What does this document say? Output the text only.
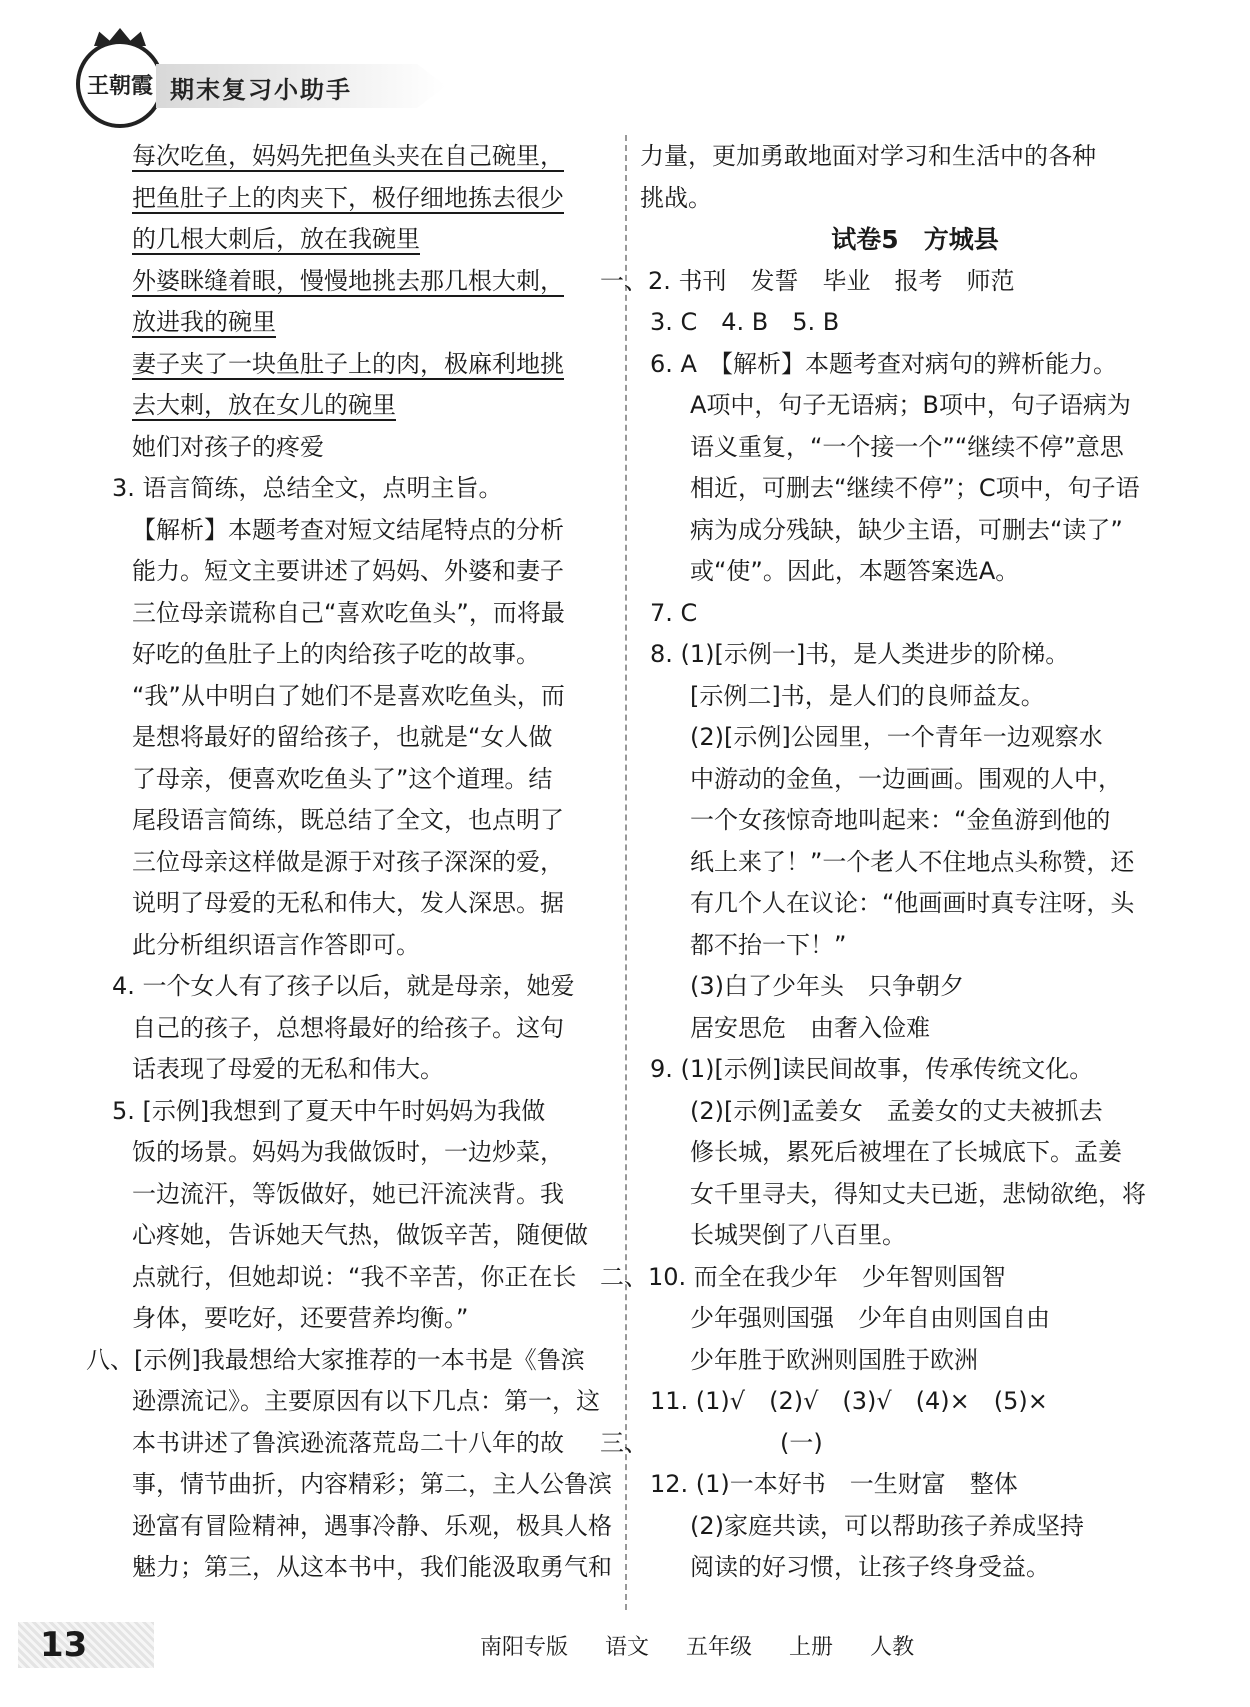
王朝霞 期末复习小助手
每次吃鱼，妈妈先把鱼头夹在自己碗里，
把鱼肚子上的肉夹下，极仔细地拣去很少
的几根大刺后，放在我碗里
外婆眯缝着眼，慢慢地挑去那几根大刺，
放进我的碗里
妻子夹了一块鱼肚子上的肉，极麻利地挑
去大刺，放在女儿的碗里
她们对孩子的疼爱
3. 语言简练，总结全文，点明主旨。
【解析】本题考查对短文结尾特点的分析
能力。短文主要讲述了妈妈、外婆和妻子
三位母亲谎称自己“喜欢吃鱼头”，而将最
好吃的鱼肚子上的肉给孩子吃的故事。
“我”从中明白了她们不是喜欢吃鱼头，而
是想将最好的留给孩子，也就是“女人做
了母亲，便喜欢吃鱼头了”这个道理。结
尾段语言简练，既总结了全文，也点明了
三位母亲这样做是源于对孩子深深的爱，
说明了母爱的无私和伟大，发人深思。据
此分析组织语言作答即可。
4. 一个女人有了孩子以后，就是母亲，她爱
自己的孩子，总想将最好的给孩子。这句
话表现了母爱的无私和伟大。
5. [示例]我想到了夏天中午时妈妈为我做
饭的场景。妈妈为我做饭时，一边炒菜，
一边流汗，等饭做好，她已汗流浃背。我
心疼她，告诉她天气热，做饭辛苦，随便做
点就行，但她却说：“我不辛苦，你正在长
身体，要吃好，还要营养均衡。”
八、[示例]我最想给大家推荐的一本书是《鲁滨
逊漂流记》。主要原因有以下几点：第一，这
本书讲述了鲁滨逊流落荒岛二十八年的故
事，情节曲折，内容精彩；第二，主人公鲁滨
逊富有冒险精神，遇事冷静、乐观，极具人格
魅力；第三，从这本书中，我们能汲取勇气和
力量，更加勇敢地面对学习和生活中的各种
挑战。
试卷5　方城县
一、2. 书刊　发誓　毕业　报考　师范
3. C　4. B　5. B
6. A　【解析】本题考查对病句的辨析能力。
A项中，句子无语病；B项中，句子语病为
语义重复，“一个接一个”“继续不停”意思
相近，可删去“继续不停”；C项中，句子语
病为成分残缺，缺少主语，可删去“读了”
或“使”。因此，本题答案选A。
7. C
8. (1)[示例一]书，是人类进步的阶梯。
[示例二]书，是人们的良师益友。
(2)[示例]公园里，一个青年一边观察水
中游动的金鱼，一边画画。围观的人中，
一个女孩惊奇地叫起来：“金鱼游到他的
纸上来了！”一个老人不住地点头称赞，还
有几个人在议论：“他画画时真专注呀，头
都不抬一下！”
(3)白了少年头　只争朝夕
居安思危　由奢入俭难
9. (1)[示例]读民间故事，传承传统文化。
(2)[示例]孟姜女　孟姜女的丈夫被抓去
修长城，累死后被埋在了长城底下。孟姜
女千里寻夫，得知丈夫已逝，悲恸欲绝，将
长城哭倒了八百里。
二、10. 而全在我少年　少年智则国智
少年强则国强　少年自由则国自由
少年胜于欧洲则国胜于欧洲
11. (1)√　(2)√　(3)√　(4)×　(5)×
三、　　　　　　(一)
12. (1)一本好书　一生财富　整体
(2)家庭共读，可以帮助孩子养成坚持
阅读的好习惯，让孩子终身受益。
13	南阳专版 语文 五年级 上册 人教
